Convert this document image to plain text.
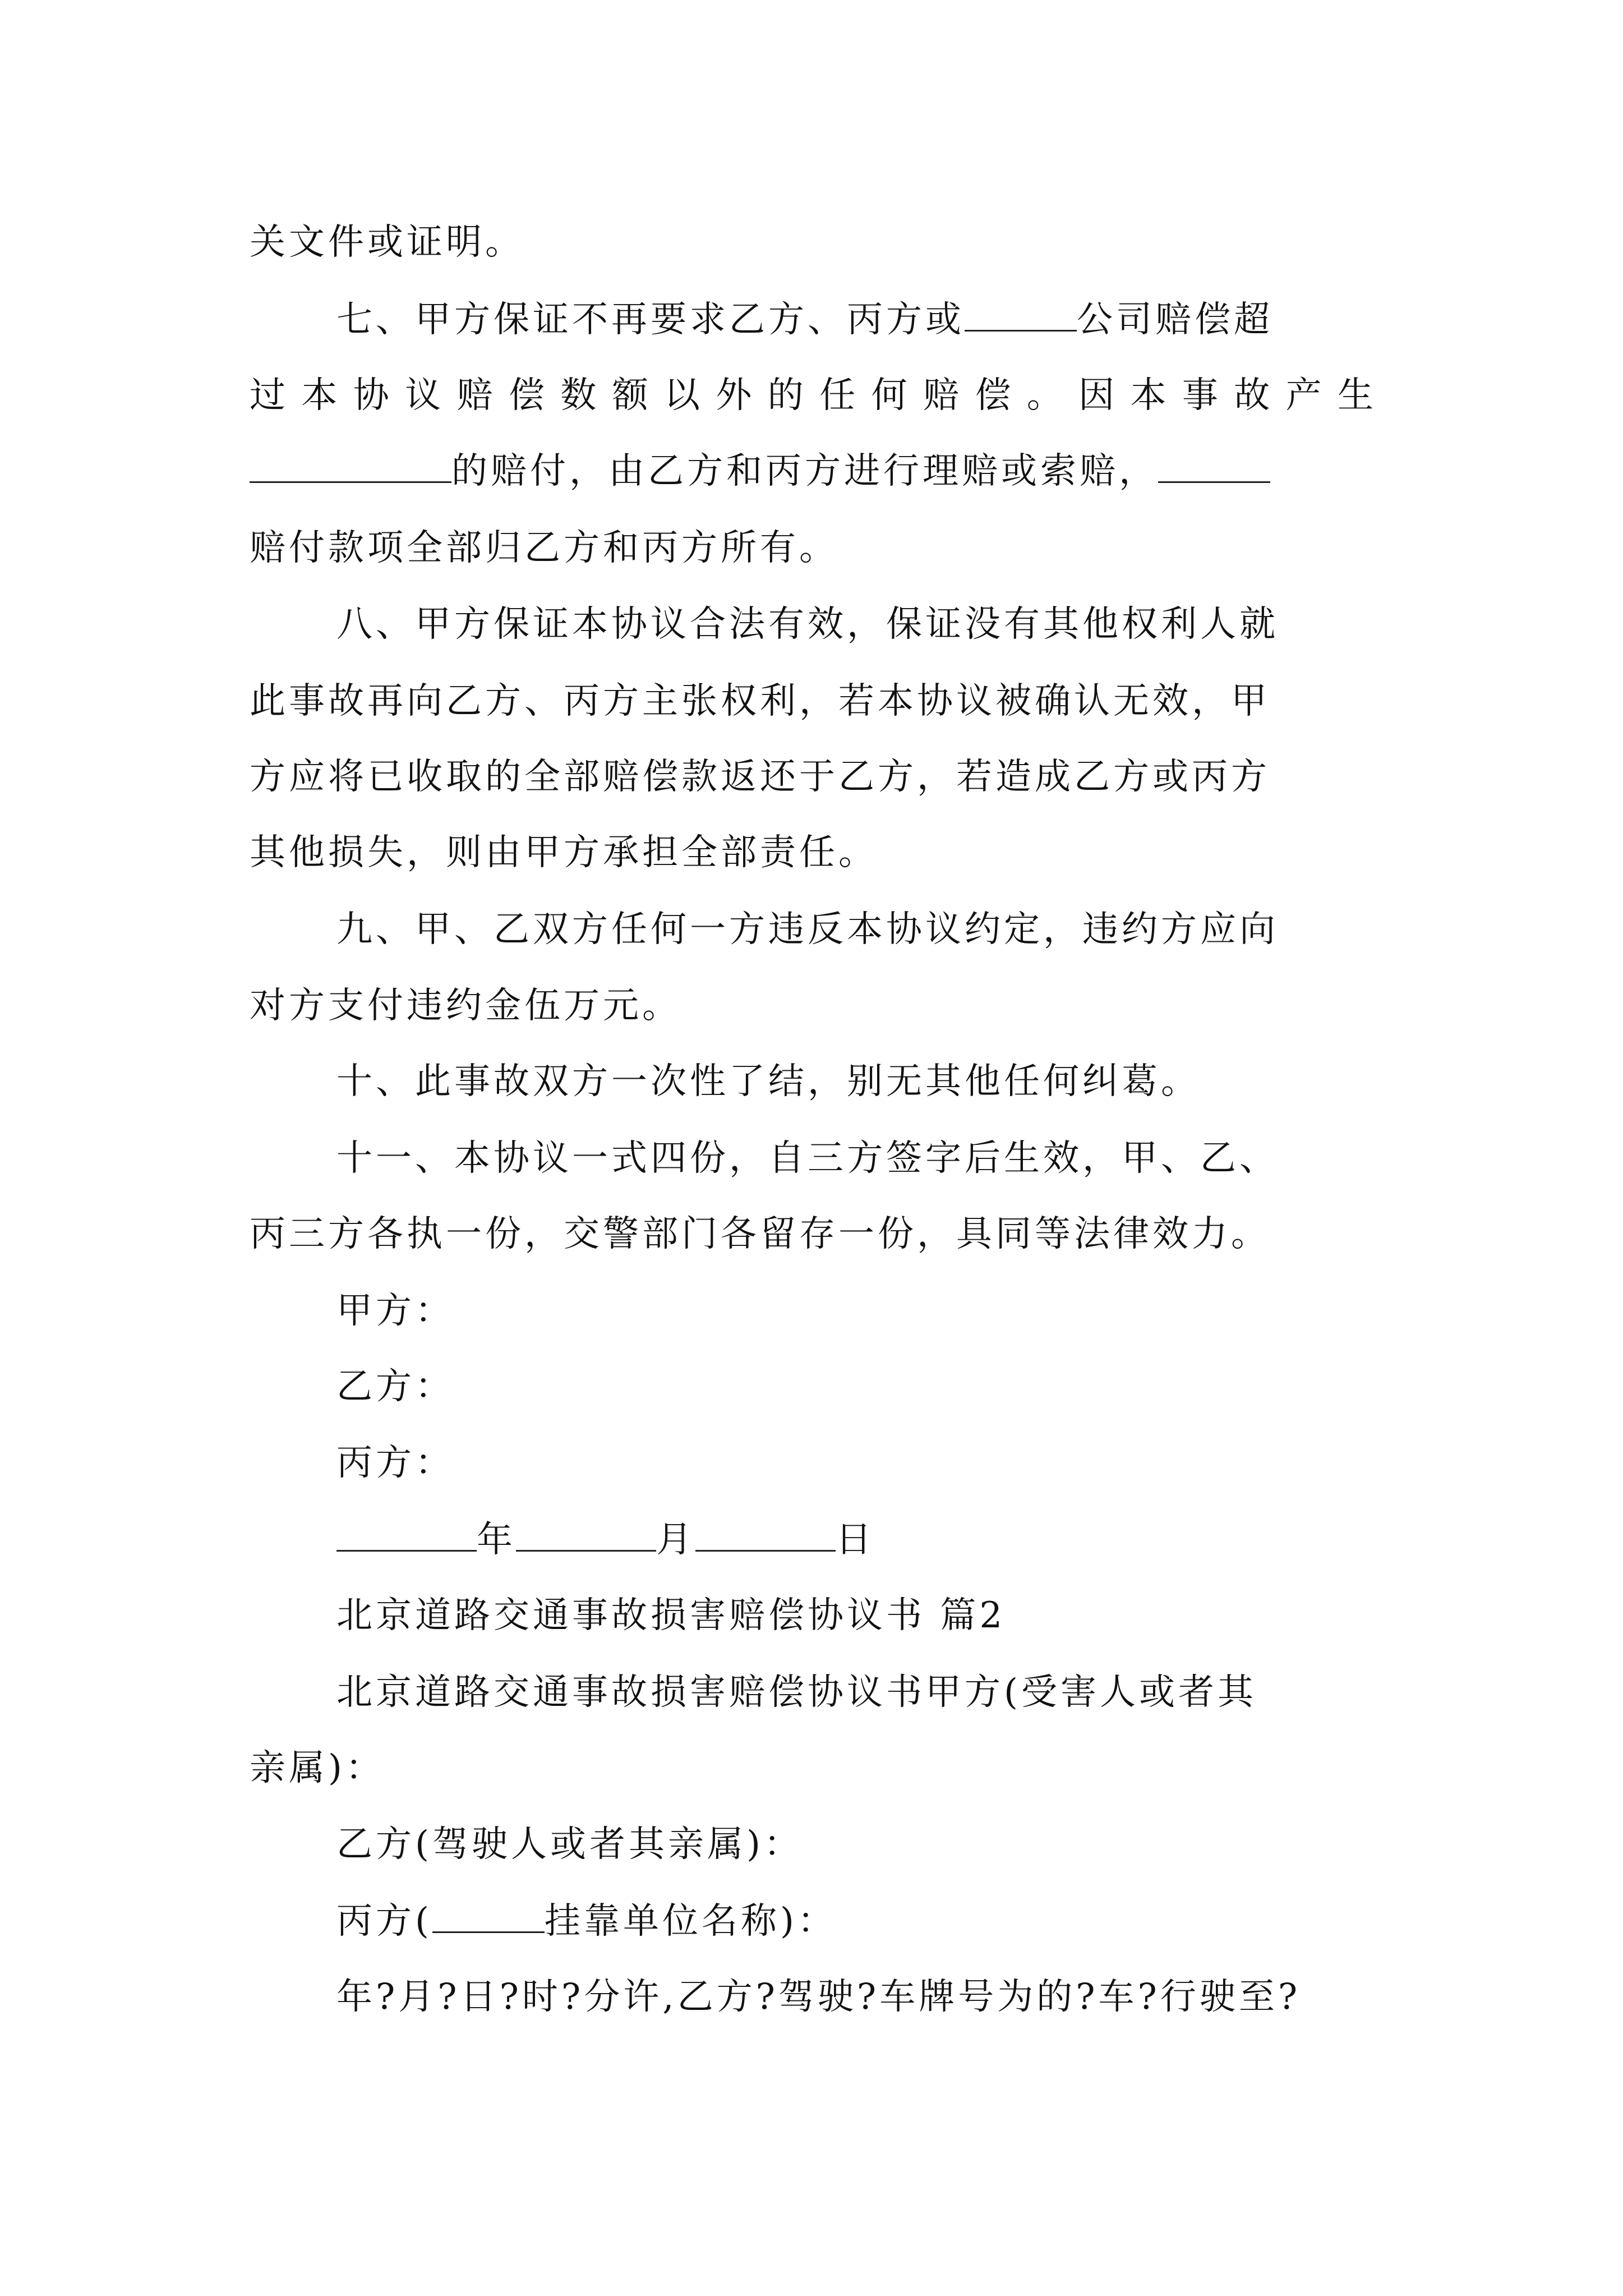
关文件或证明。
七、甲方保证不再要求乙方、丙方或	公司赔偿超
过本协议赔偿数额以外的任何赔偿。因本事故产生
的赔付，由乙方和丙方进行理赔或索赔，
赔付款项全部归乙方和丙方所有。
八、甲方保证本协议合法有效，保证没有其他权利人就
此事故再向乙方、丙方主张权利，若本协议被确认无效，甲
方应将已收取的全部赔偿款返还于乙方，若造成乙方或丙方
其他损失，则由甲方承担全部责任。
九、甲、乙双方任何一方违反本协议约定，违约方应向
对方支付违约金伍万元。
十、此事故双方一次性了结，别无其他任何纠葛。
十一、本协议一式四份，自三方签字后生效，甲、乙、
丙三方各执一份，交警部门各留存一份，具同等法律效力。
甲方：
乙方：
丙方：
年	月	日
北京道路交通事故损害赔偿协议书 篇2
北京道路交通事故损害赔偿协议书甲方(受害人或者其
亲属)：
乙方(驾驶人或者其亲属)：
丙方(	挂靠单位名称)：
年?月?日?时?分许,乙方?驾驶?车牌号为的?车?行驶至?
